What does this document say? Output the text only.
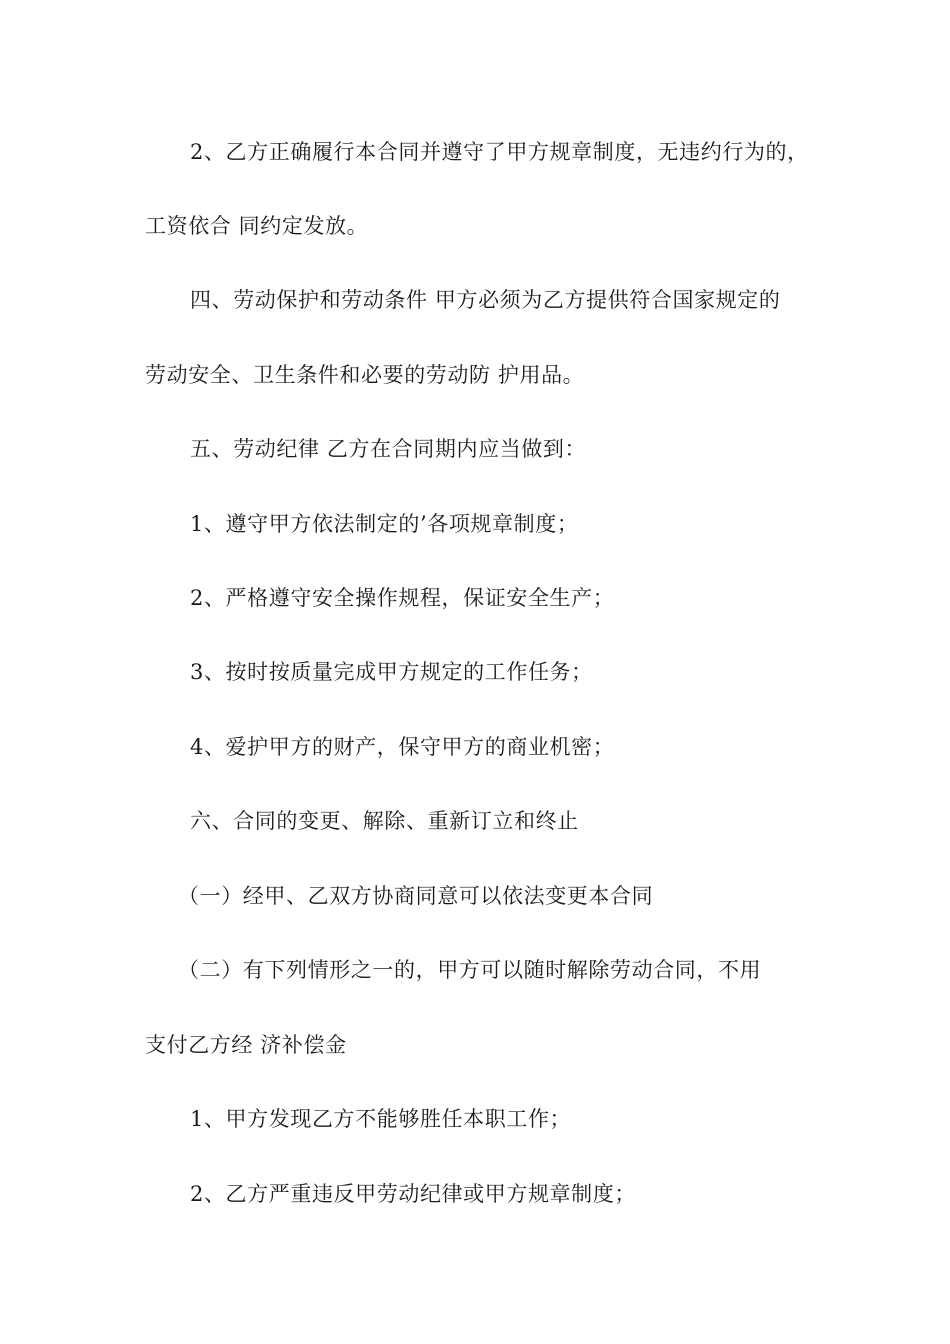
2、乙方正确履行本合同并遵守了甲方规章制度，无违约行为的，
工资依合 同约定发放。
四、劳动保护和劳动条件 甲方必须为乙方提供符合国家规定的
劳动安全、卫生条件和必要的劳动防 护用品。
五、劳动纪律 乙方在合同期内应当做到：
1、遵守甲方依法制定的’各项规章制度；
2、严格遵守安全操作规程，保证安全生产；
3、按时按质量完成甲方规定的工作任务；
4、爱护甲方的财产，保守甲方的商业机密；
六、合同的变更、解除、重新订立和终止
（一）经甲、乙双方协商同意可以依法变更本合同
（二）有下列情形之一的，甲方可以随时解除劳动合同，不用
支付乙方经 济补偿金
1、甲方发现乙方不能够胜任本职工作；
2、乙方严重违反甲劳动纪律或甲方规章制度；
